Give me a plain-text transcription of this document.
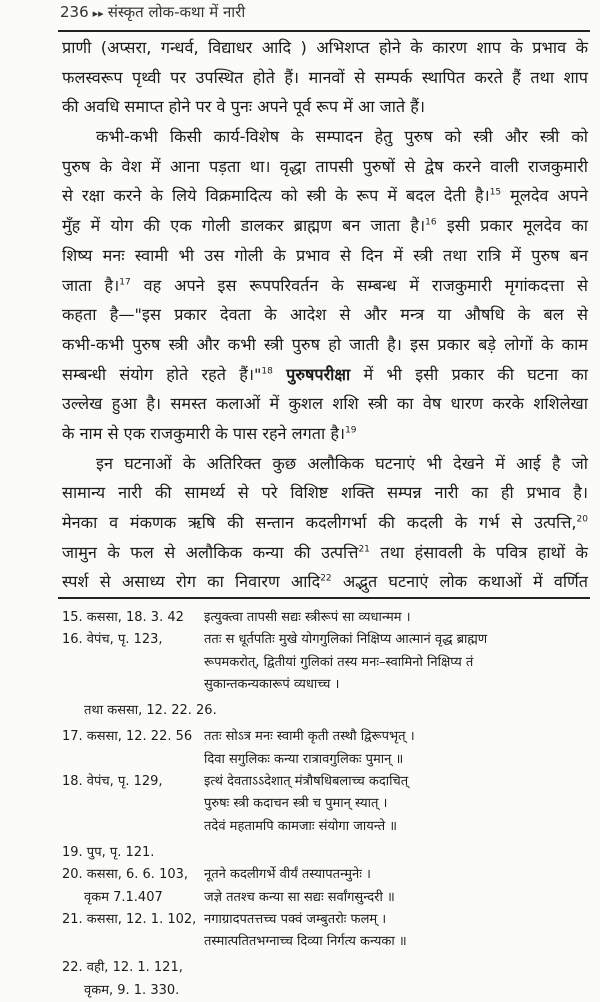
236 ▸▸ संस्कृत लोक-कथा में नारी
प्राणी (अप्सरा, गन्धर्व, विद्याधर आदि ) अभिशप्त होने के कारण शाप के प्रभाव के
फलस्वरूप पृथ्वी पर उपस्थित होते हैं। मानवों से सम्पर्क स्थापित करते हैं तथा शाप
की अवधि समाप्त होने पर वे पुनः अपने पूर्व रूप में आ जाते हैं।
कभी-कभी किसी कार्य-विशेष के सम्पादन हेतु पुरुष को स्त्री और स्त्री को
पुरुष के वेश में आना पड़ता था। वृद्धा तापसी पुरुषों से द्वेष करने वाली राजकुमारी
से रक्षा करने के लिये विक्रमादित्य को स्त्री के रूप में बदल देती है।$^{15}$ मूलदेव अपने
मुँह में योग की एक गोली डालकर ब्राह्मण बन जाता है।$^{16}$ इसी प्रकार मूलदेव का
शिष्य मनः स्वामी भी उस गोली के प्रभाव से दिन में स्त्री तथा रात्रि में पुरुष बन
जाता है।$^{17}$ वह अपने इस रूपपरिवर्तन के सम्बन्ध में राजकुमारी मृगांकदत्ता से
कहता है—"इस प्रकार देवता के आदेश से और मन्त्र या औषधि के बल से
कभी-कभी पुरुष स्त्री और कभी स्त्री पुरुष हो जाती है। इस प्रकार बड़े लोगों के काम
सम्बन्धी संयोग होते रहते हैं।"$^{18}$ पुरुषपरीक्षा में भी इसी प्रकार की घटना का
उल्लेख हुआ है। समस्त कलाओं में कुशल शशि स्त्री का वेष धारण करके शशिलेखा
के नाम से एक राजकुमारी के पास रहने लगता है।$^{19}$
इन घटनाओं के अतिरिक्त कुछ अलौकिक घटनाएं भी देखने में आई है जो
सामान्य नारी की सामर्थ्य से परे विशिष्ट शक्ति सम्पन्न नारी का ही प्रभाव है।
मेनका व मंकणक ऋषि की सन्तान कदलीगर्भा की कदली के गर्भ से उत्पत्ति,$^{20}$
जामुन के फल से अलौकिक कन्या की उत्पत्ति$^{21}$ तथा हंसावली के पवित्र हाथों के
स्पर्श से असाध्य रोग का निवारण आदि$^{22}$ अद्भुत घटनाएं लोक कथाओं में वर्णित
15. कससा, 18. 3. 42	इत्युक्त्वा तापसी सद्यः स्त्रीरूपं सा व्यधान्मम ।
16. वेपंच, पृ. 123,	ततः स धूर्तपतिः मुखे योगगुलिकां निक्षिप्य आत्मानं वृद्ध ब्राह्मण
रूपमकरोत्, द्वितीयां गुलिकां तस्य मनः–स्वामिनो निक्षिप्य तं
सुकान्तकन्यकारूपं व्यधाच्च ।
तथा कससा, 12. 22. 26.
17. कससा, 12. 22. 56 ततः सोऽत्र मनः स्वामी कृती तस्थौ द्विरूपभृत् ।
दिवा सगुलिकः कन्या रात्रावगुलिकः पुमान् ॥
18. वेपंच, पृ. 129,	इत्थं देवताऽऽदेशात् मंत्रौषधिबलाच्च कदाचित्
पुरुषः स्त्री कदाचन स्त्री च पुमान् स्यात् ।
तदेवं महतामपि कामजाः संयोगा जायन्ते ॥
19. पुप, पृ. 121.
20. कससा, 6. 6. 103,	नूतने कदलीगर्भे वीर्यं तस्यापतन्मुनेः ।
वृकम 7.1.407	जज्ञे ततश्च कन्या सा सद्यः सर्वांगसुन्दरी ॥
21. कससा, 12. 1. 102, नगाग्रादपतत्तच्च पक्वं जम्बुतरोः फलम् ।
तस्मात्पतितभग्नाच्च दिव्या निर्गत्य कन्यका ॥
22. वही, 12. 1. 121,
वृकम, 9. 1. 330.
